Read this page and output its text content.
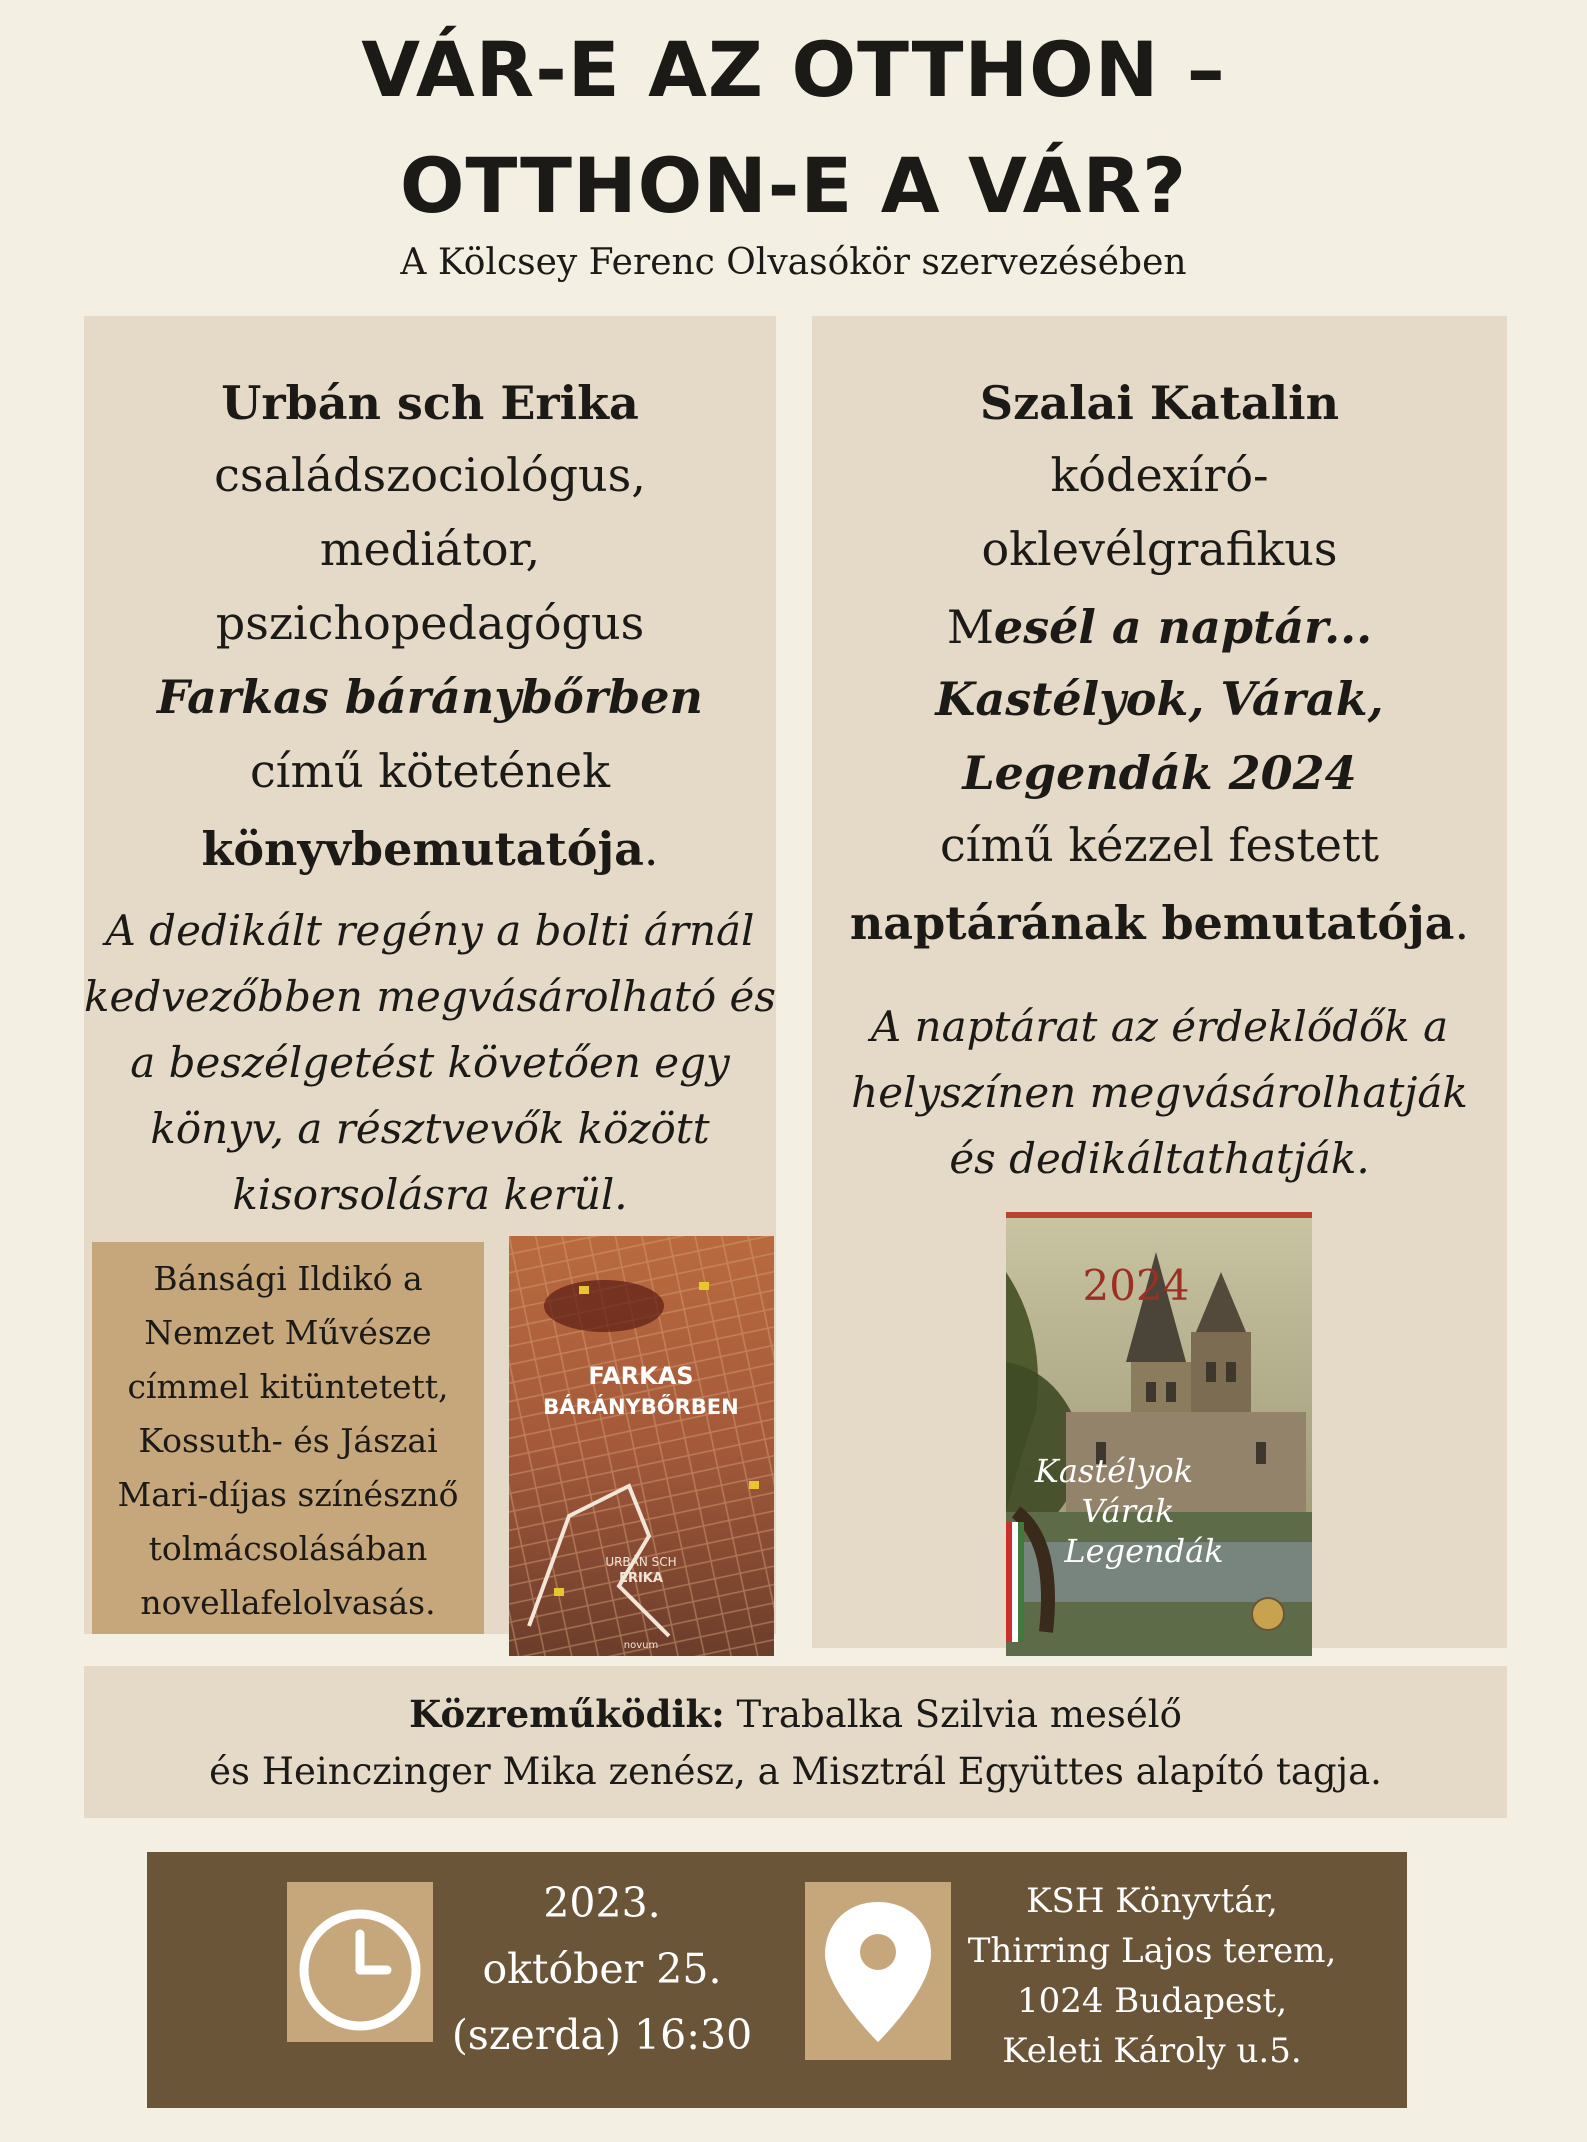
VÁR-E AZ OTTHON –
OTTHON-E A VÁR?
A Kölcsey Ferenc Olvasókör szervezésében
Urbán sch Erika
családszociológus,
mediátor,
pszichopedagógus
Farkas báránybőrben
című kötetének
könyvbemutatója.
A dedikált regény a bolti árnál
kedvezőbben megvásárolható és
a beszélgetést követően egy
könyv, a résztvevők között
kisorsolásra kerül.
Bánsági Ildikó a
Nemzet Művésze
címmel kitüntetett,
Kossuth- és Jászai
Mari-díjas színésznő
tolmácsolásában
novellafelolvasás.
FARKAS
BÁRÁNYBŐRBEN
URBÁN SCH
ERIKA
novum
Szalai Katalin
kódexíró-
oklevélgrafikus
Mesél a naptár...
Kastélyok, Várak,
Legendák 2024
című kézzel festett
naptárának bemutatója.
A naptárat az érdeklődők a
helyszínen megvásárolhatják
és dedikáltathatják.
2024
Kastélyok
Várak
Legendák
Közreműködik: Trabalka Szilvia mesélő
és Heinczinger Mika zenész, a Misztrál Együttes alapító tagja.
2023.
október 25.
(szerda) 16:30
KSH Könyvtár,
Thirring Lajos terem,
1024 Budapest,
Keleti Károly u.5.
